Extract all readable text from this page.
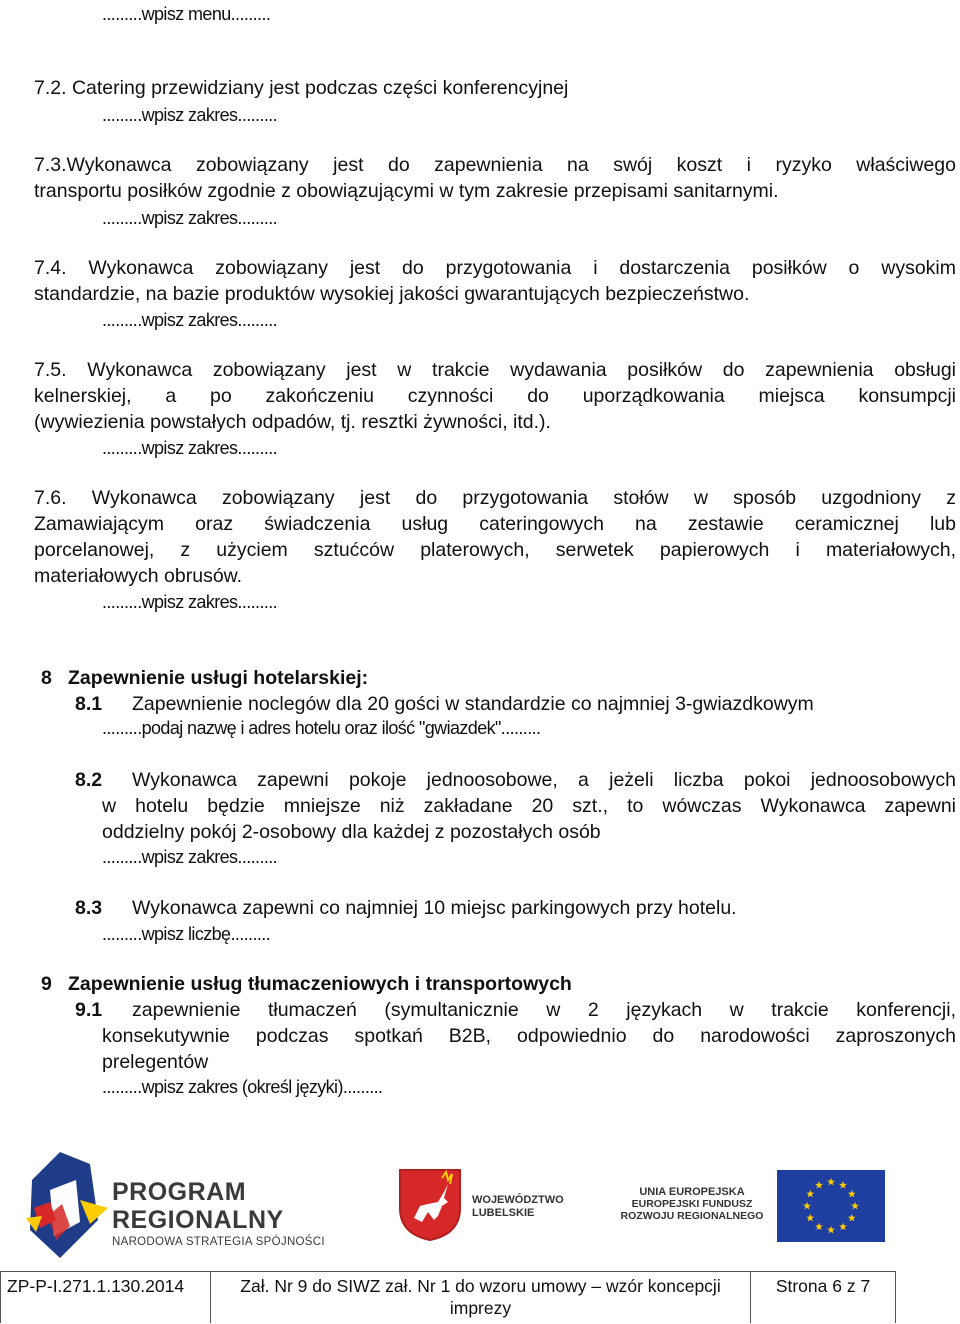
.........wpisz menu.........
7.2. Catering przewidziany jest podczas części konferencyjnej
.........wpisz zakres.........
7.3.Wykonawca zobowiązany jest do zapewnienia na swój koszt i ryzyko właściwego
transportu posiłków zgodnie z obowiązującymi w tym zakresie przepisami sanitarnymi.
.........wpisz zakres.........
7.4. Wykonawca zobowiązany jest do przygotowania i dostarczenia posiłków o wysokim
standardzie, na bazie produktów wysokiej jakości gwarantujących bezpieczeństwo.
.........wpisz zakres.........
7.5. Wykonawca zobowiązany jest w trakcie wydawania posiłków do zapewnienia obsługi
kelnerskiej, a po zakończeniu czynności do uporządkowania miejsca konsumpcji
(wywiezienia powstałych odpadów, tj. resztki żywności, itd.).
.........wpisz zakres.........
7.6. Wykonawca zobowiązany jest do przygotowania stołów w sposób uzgodniony z
Zamawiającym oraz świadczenia usług cateringowych na zestawie ceramicznej lub
porcelanowej, z użyciem sztućców platerowych, serwetek papierowych i materiałowych,
materiałowych obrusów.
.........wpisz zakres.........
8 Zapewnienie usługi hotelarskiej:
8.1	Zapewnienie noclegów dla 20 gości w standardzie co najmniej 3-gwiazdkowym
.........podaj nazwę i adres hotelu oraz ilość "gwiazdek".........
8.2	Wykonawca zapewni pokoje jednoosobowe, a jeżeli liczba pokoi jednoosobowych
w hotelu będzie mniejsze niż zakładane 20 szt., to wówczas Wykonawca zapewni
oddzielny pokój 2-osobowy dla każdej z pozostałych osób
.........wpisz zakres.........
8.3	Wykonawca zapewni co najmniej 10 miejsc parkingowych przy hotelu.
.........wpisz liczbę.........
9 Zapewnienie usług tłumaczeniowych i transportowych
9.1	zapewnienie tłumaczeń (symultanicznie w 2 językach w trakcie konferencji,
konsekutywnie podczas spotkań B2B, odpowiednio do narodowości zaproszonych
prelegentów
.........wpisz zakres (określ języki).........
PROGRAM
REGIONALNY
NARODOWA STRATEGIA SPÓJNOŚCI
WOJEWÓDZTWO
LUBELSKIE
UNIA EUROPEJSKA
EUROPEJSKI FUNDUSZ
ROZWOJU REGIONALNEGO
ZP-P-I.271.1.130.2014	Zał. Nr 9 do SIWZ zał. Nr 1 do wzoru umowy – wzór koncepcji
imprezy
Strona 6 z 7
